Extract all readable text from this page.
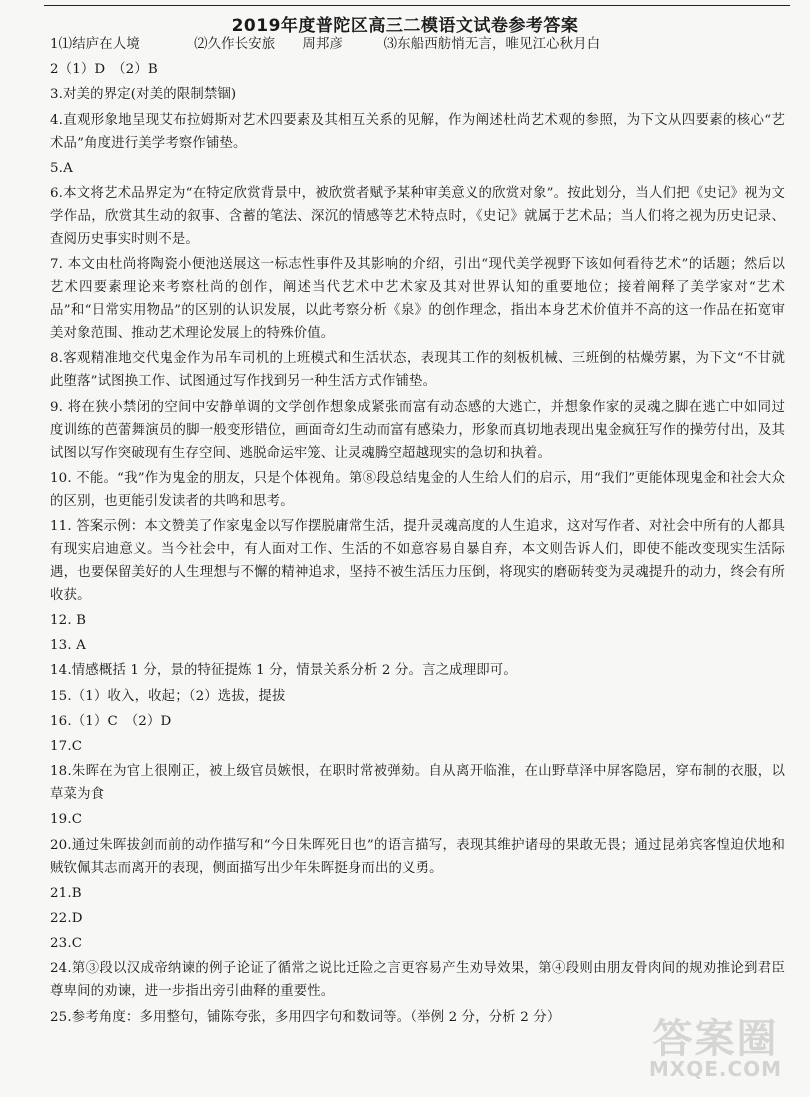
2019年度普陀区高三二模语文试卷参考答案
1⑴结庐在人境　　　　⑵久作长安旅　　周邦彦　　　⑶东船西舫悄无言，唯见江心秋月白
2（1）D　（2）B
3.对美的界定(对美的限制禁锢)
4.直观形象地呈现艾布拉姆斯对艺术四要素及其相互关系的见解，作为阐述杜尚艺术观的参照，为下文从四要素的核心“艺术品”角度进行美学考察作铺垫。
5.A
6.本文将艺术品界定为“在特定欣赏背景中，被欣赏者赋予某种审美意义的欣赏对象”。按此划分，当人们把《史记》视为文学作品，欣赏其生动的叙事、含蓄的笔法、深沉的情感等艺术特点时，《史记》就属于艺术品；当人们将之视为历史记录、查阅历史事实时则不是。
7. 本文由杜尚将陶瓷小便池送展这一标志性事件及其影响的介绍，引出“现代美学视野下该如何看待艺术”的话题；然后以艺术四要素理论来考察杜尚的创作，阐述当代艺术中艺术家及其对世界认知的重要地位；接着阐释了美学家对“艺术品”和“日常实用物品”的区别的认识发展，以此考察分析《泉》的创作理念，指出本身艺术价值并不高的这一作品在拓宽审美对象范围、推动艺术理论发展上的特殊价值。
8.客观精准地交代鬼金作为吊车司机的上班模式和生活状态，表现其工作的刻板机械、三班倒的枯燥劳累，为下文“不甘就此堕落”试图换工作、试图通过写作找到另一种生活方式作铺垫。
9. 将在狭小禁闭的空间中安静单调的文学创作想象成紧张而富有动态感的大逃亡，并想象作家的灵魂之脚在逃亡中如同过度训练的芭蕾舞演员的脚一般变形错位，画面奇幻生动而富有感染力，形象而真切地表现出鬼金疯狂写作的操劳付出，及其试图以写作突破现有生存空间、逃脱命运牢笼、让灵魂腾空超越现实的急切和执着。
10. 不能。“我”作为鬼金的朋友，只是个体视角。第⑧段总结鬼金的人生给人们的启示，用“我们”更能体现鬼金和社会大众的区别，也更能引发读者的共鸣和思考。
11. 答案示例：本文赞美了作家鬼金以写作摆脱庸常生活，提升灵魂高度的人生追求，这对写作者、对社会中所有的人都具有现实启迪意义。当今社会中，有人面对工作、生活的不如意容易自暴自弃，本文则告诉人们，即使不能改变现实生活际遇，也要保留美好的人生理想与不懈的精神追求，坚持不被生活压力压倒，将现实的磨砺转变为灵魂提升的动力，终会有所收获。
12. B
13. A
14.情感概括 1 分，景的特征提炼 1 分，情景关系分析 2 分。言之成理即可。
15.（1）收入，收起；（2）选拔，提拔
16.（1）C　（2）D
17.C
18.朱晖在为官上很刚正，被上级官员嫉恨，在职时常被弹劾。自从离开临淮，在山野草泽中屏客隐居，穿布制的衣服，以草菜为食
19.C
20.通过朱晖拔剑而前的动作描写和“今日朱晖死日也”的语言描写，表现其维护诸母的果敢无畏；通过昆弟宾客惶迫伏地和贼钦佩其志而离开的表现，侧面描写出少年朱晖挺身而出的义勇。
21.B
22.D
23.C
24.第③段以汉成帝纳谏的例子论证了循常之说比迁险之言更容易产生劝导效果，第④段则由朋友骨肉间的规劝推论到君臣尊卑间的劝谏，进一步指出旁引曲释的重要性。
25.参考角度：多用整句，铺陈夸张，多用四字句和数词等。（举例 2 分，分析 2 分）	答案圈
MXQE.COM
